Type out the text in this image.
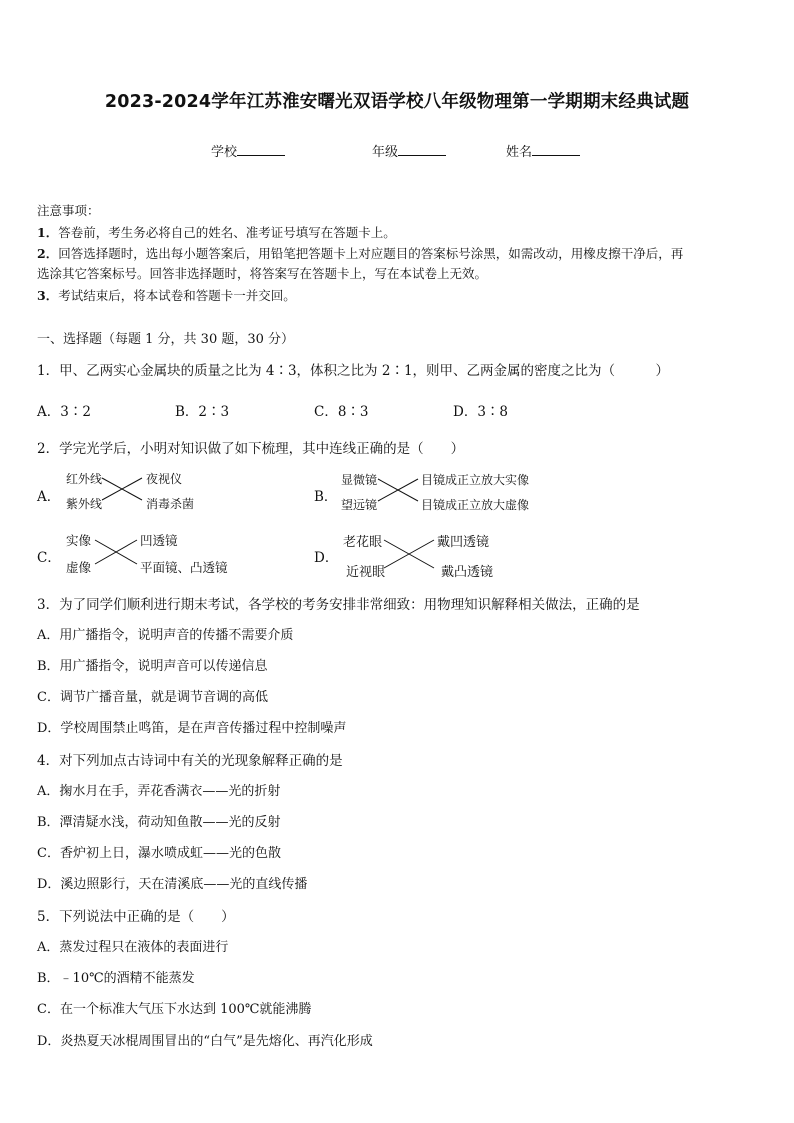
2023-2024学年江苏淮安曙光双语学校八年级物理第一学期期末经典试题
学校	年级	姓名
注意事项：
1．答卷前，考生务必将自己的姓名、准考证号填写在答题卡上。
2．回答选择题时，选出每小题答案后，用铅笔把答题卡上对应题目的答案标号涂黑，如需改动，用橡皮擦干净后，再
选涂其它答案标号。回答非选择题时，将答案写在答题卡上，写在本试卷上无效。
3．考试结束后，将本试卷和答题卡一并交回。
一、选择题（每题 1 分，共 30 题，30 分）
1．甲、乙两实心金属块的质量之比为 4∶3，体积之比为 2∶1，则甲、乙两金属的密度之比为（　　　）
A．3∶2	B．2∶3	C．8∶3	D．3∶8
2．学完光学后，小明对知识做了如下梳理，其中连线正确的是（　　）
A．
红外线
紫外线
夜视仪
消毒杀菌	B．
显微镜
望远镜
目镜成正立放大实像
目镜成正立放大虚像
C．
实像
虚像
凹透镜
平面镜、凸透镜
D．
老花眼
近视眼
戴凹透镜
戴凸透镜
3．为了同学们顺利进行期末考试，各学校的考务安排非常细致：用物理知识解释相关做法，正确的是
A．用广播指令，说明声音的传播不需要介质
B．用广播指令，说明声音可以传递信息
C．调节广播音量，就是调节音调的高低
D．学校周围禁止鸣笛，是在声音传播过程中控制噪声
4．对下列加点古诗词中有关的光现象解释正确的是
A．掬水月在手，弄花香满衣——光的折射
B．潭清疑水浅，荷动知鱼散——光的反射
C．香炉初上日，瀑水喷成虹——光的色散
D．溪边照影行，天在清溪底——光的直线传播
5．下列说法中正确的是（　　）
A．蒸发过程只在液体的表面进行
B．﹣10℃的酒精不能蒸发
C．在一个标准大气压下水达到 100℃就能沸腾
D．炎热夏天冰棍周围冒出的“白气”是先熔化、再汽化形成
